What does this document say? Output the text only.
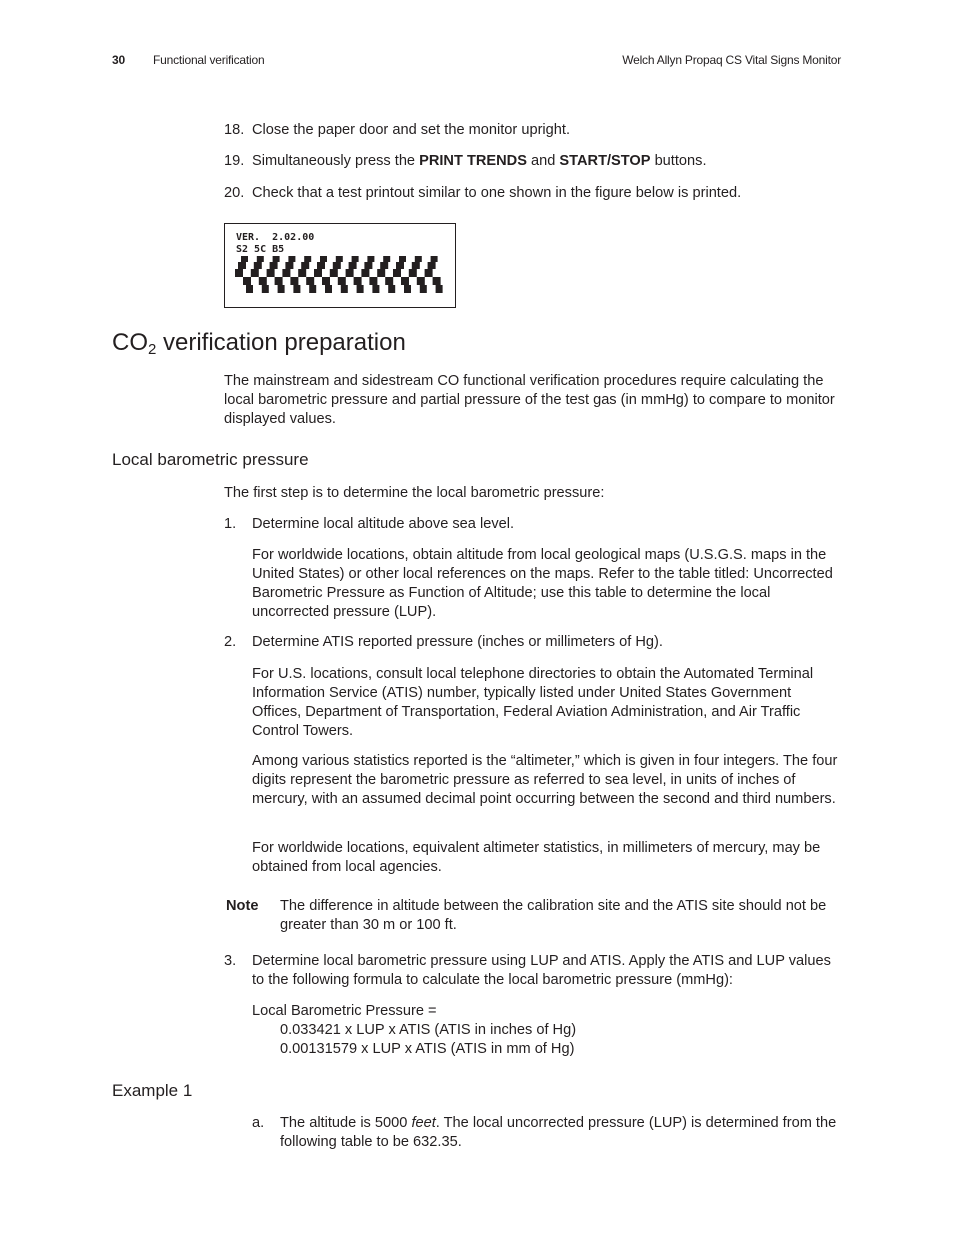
30 Functional verification	Welch Allyn Propaq CS Vital Signs Monitor
18. Close the paper door and set the monitor upright.
19. Simultaneously press the PRINT TRENDS and START/STOP buttons.
20. Check that a test printout similar to one shown in the figure below is printed.
VER.  2.02.00
S2 5C B5
$CO_2$ verification preparation
The mainstream and sidestream CO functional verification procedures require calculating the local barometric pressure and partial pressure of the test gas (in mmHg) to compare to monitor displayed values.
Local barometric pressure
The first step is to determine the local barometric pressure:
1. Determine local altitude above sea level.
For worldwide locations, obtain altitude from local geological maps (U.S.G.S. maps in the United States) or other local references on the maps. Refer to the table titled: Uncorrected Barometric Pressure as Function of Altitude; use this table to determine the local uncorrected pressure (LUP).
2. Determine ATIS reported pressure (inches or millimeters of Hg).
For U.S. locations, consult local telephone directories to obtain the Automated Terminal Information Service (ATIS) number, typically listed under United States Government Offices, Department of Transportation, Federal Aviation Administration, and Air Traffic Control Towers.
Among various statistics reported is the “altimeter,” which is given in four integers. The four digits represent the barometric pressure as referred to sea level, in units of inches of mercury, with an assumed decimal point occurring between the second and third numbers.
For worldwide locations, equivalent altimeter statistics, in millimeters of mercury, may be obtained from local agencies.
Note The difference in altitude between the calibration site and the ATIS site should not be greater than 30 m or 100 ft.
3. Determine local barometric pressure using LUP and ATIS. Apply the ATIS and LUP values to the following formula to calculate the local barometric pressure (mmHg):
Local Barometric Pressure =
0.033421 x LUP x ATIS (ATIS in inches of Hg)
0.00131579 x LUP x ATIS (ATIS in mm of Hg)
Example 1
a. The altitude is 5000 feet. The local uncorrected pressure (LUP) is determined from the following table to be 632.35.
